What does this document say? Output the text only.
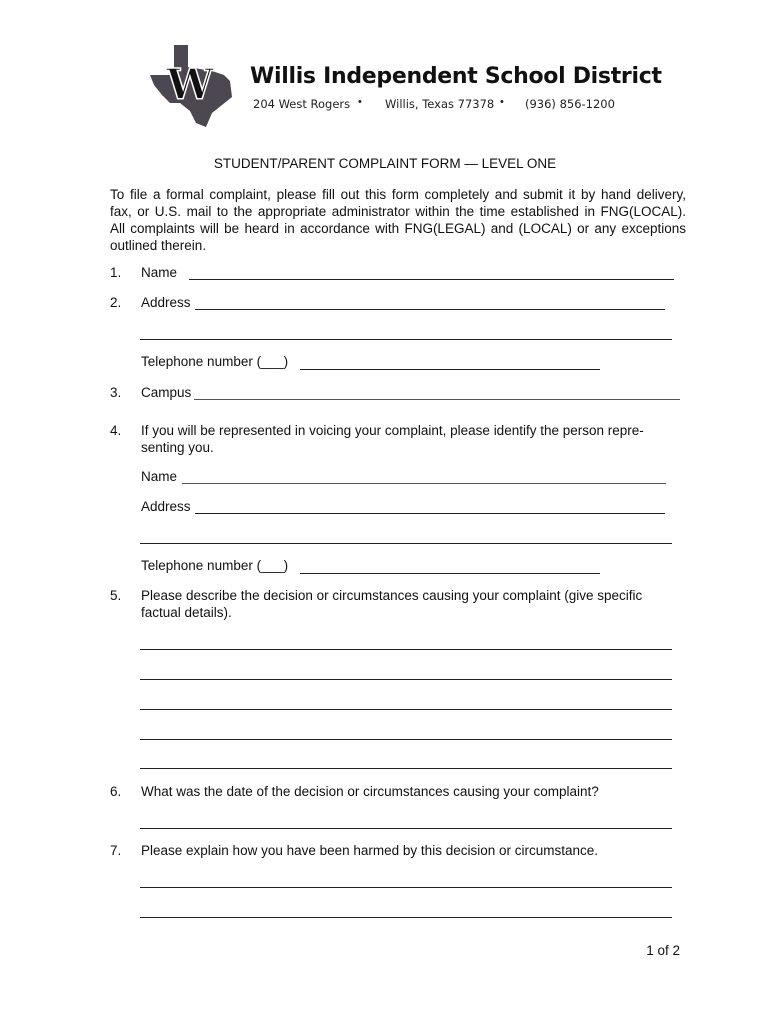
W Willis Independent School District
204 West Rogers • Willis, Texas 77378 • (936) 856-1200
STUDENT/PARENT COMPLAINT FORM — LEVEL ONE
To file a formal complaint, please fill out this form completely and submit it by hand delivery,
fax, or U.S. mail to the appropriate administrator within the time established in FNG(LOCAL).
All complaints will be heard in accordance with FNG(LEGAL) and (LOCAL) or any exceptions
outlined therein.
1. Name
2. Address
Telephone number (___)
3. Campus
4. If you will be represented in voicing your complaint, please identify the person repre-
senting you.
Name
Address
Telephone number (___)
5. Please describe the decision or circumstances causing your complaint (give specific
factual details).
6. What was the date of the decision or circumstances causing your complaint?
7. Please explain how you have been harmed by this decision or circumstance.
1 of 2
